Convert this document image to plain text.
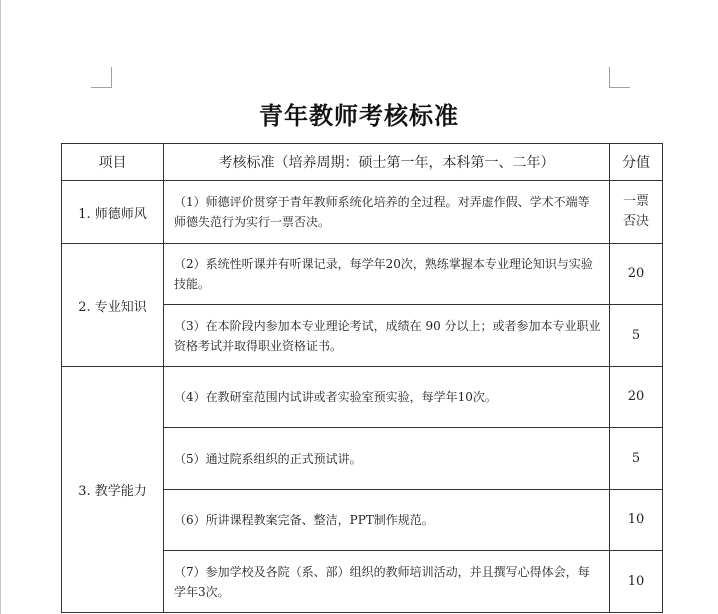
青年教师考核标准
项目	考核标准（培养周期：硕士第一年，本科第一、二年）	分值
1. 师德师风	（1）师德评价贯穿于青年教师系统化培养的全过程。对弄虚作假、学术不端等师德失范行为实行一票否决。	一票否决
2. 专业知识	（2）系统性听课并有听课记录，每学年20次，熟练掌握本专业理论知识与实验技能。	20
	（3）在本阶段内参加本专业理论考试，成绩在 90 分以上；或者参加本专业职业资格考试并取得职业资格证书。	5
3. 教学能力	（4）在教研室范围内试讲或者实验室预实验，每学年10次。	20
	（5）通过院系组织的正式预试讲。	5
	（6）所讲课程教案完备、整洁，PPT制作规范。	10
	（7）参加学校及各院（系、部）组织的教师培训活动，并且撰写心得体会，每学年3次。	10
